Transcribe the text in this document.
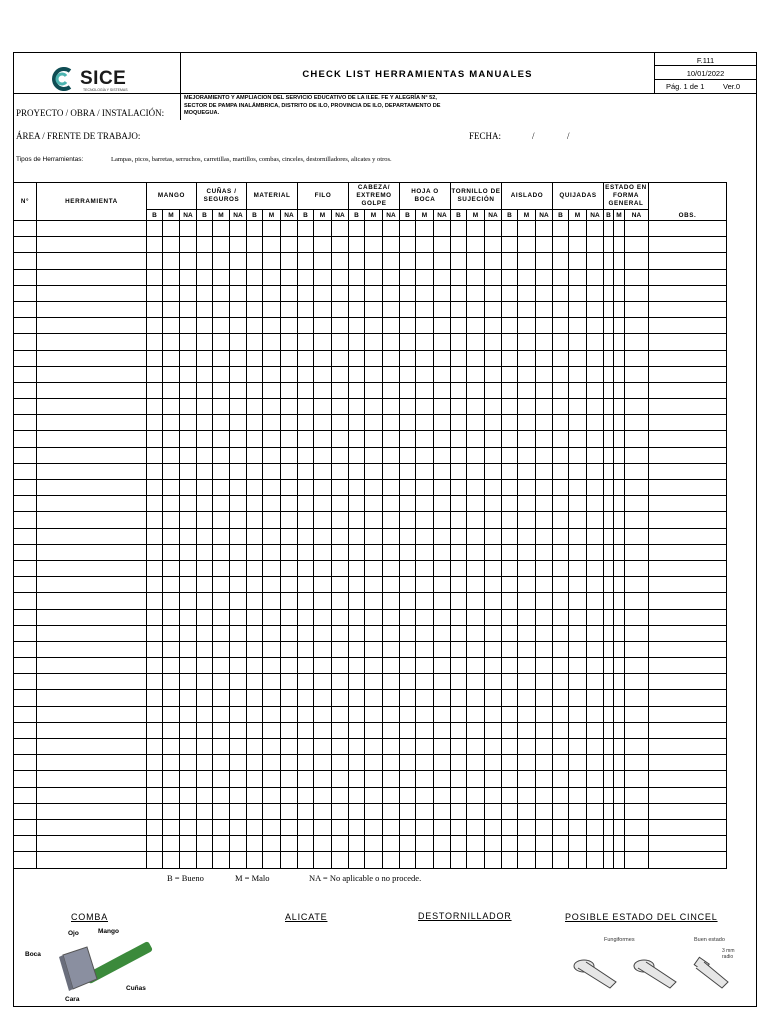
SICE
TECNOLOGÍA Y SISTEMAS
CHECK LIST HERRAMIENTAS MANUALES
F.111
10/01/2022
Pág. 1 de 1 Ver.0
MEJORAMIENTO Y AMPLIACION DEL SERVICIO EDUCATIVO DE LA II.EE. FE Y ALEGRÍA N° 52, SECTOR DE PAMPA INALÁMBRICA, DISTRITO DE ILO, PROVINCIA DE ILO, DEPARTAMENTO DE MOQUEGUA.
PROYECTO / OBRA / INSTALACIÓN:
ÁREA / FRENTE DE TRABAJO:	FECHA:	/	/
Tipos de Herramientas:	Lampas, picos, barretas, serruchos, carretillas, martillos, combas, cinceles, destornilladores, alicates y otros.
N°	HERRAMIENTA	MANGO			CUÑAS / SEGUROS			MATERIAL			FILO			CABEZA/ EXTREMO GOLPE			HOJA O BOCA			TORNILLO DE SUJECIÓN			AISLADO			QUIJADAS			ESTADO EN FORMA GENERAL			OBS.
		B	M	NA	B	M	NA	B	M	NA	B	M	NA	B	M	NA	B	M	NA	B	M	NA	B	M	NA	B	M	NA	B	M	NA	

B = Bueno	M = Malo	NA = No aplicable o no procede.
COMBA	ALICATE	DESTORNILLADOR	POSIBLE ESTADO DEL CINCEL
Ojo	Mango
Boca
Cuñas
Cara
Fungiformes	Buen estado
3 mm radio
